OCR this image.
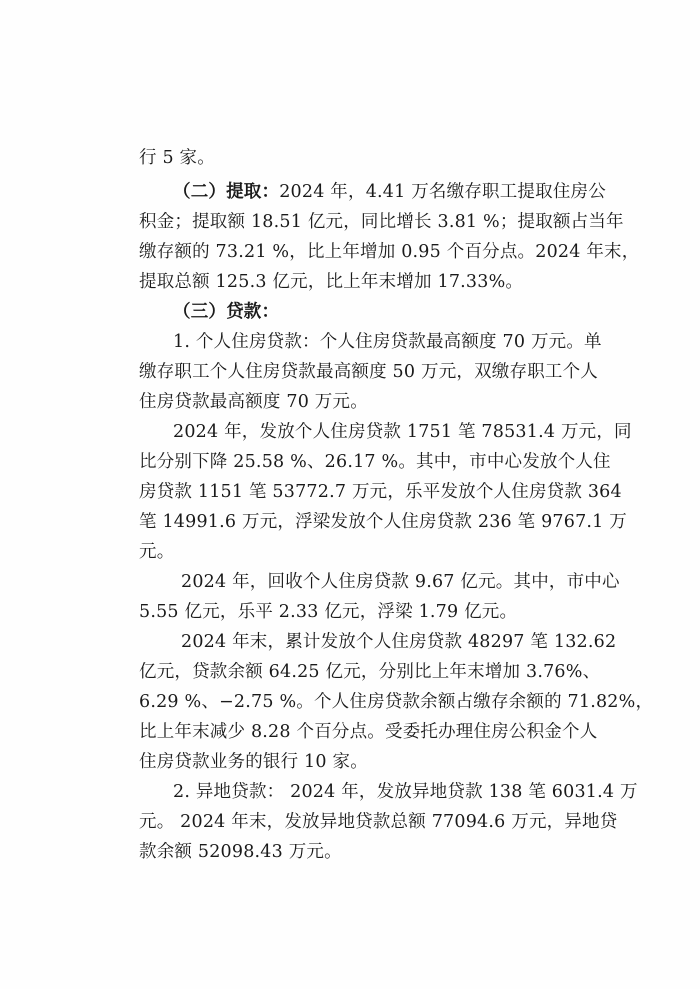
行 5 家。
（二）提取：2024 年，4.41 万名缴存职工提取住房公
积金；提取额 18.51 亿元，同比增长 3.81 %；提取额占当年
缴存额的 73.21 %，比上年增加 0.95 个百分点。2024 年末，
提取总额 125.3 亿元，比上年末增加 17.33%。
（三）贷款：
1. 个人住房贷款：个人住房贷款最高额度 70 万元。单
缴存职工个人住房贷款最高额度 50 万元，双缴存职工个人
住房贷款最高额度 70 万元。
2024 年，发放个人住房贷款 1751 笔 78531.4 万元，同
比分别下降 25.58 %、26.17 %。其中，市中心发放个人住
房贷款 1151 笔 53772.7 万元，乐平发放个人住房贷款 364
笔 14991.6 万元，浮梁发放个人住房贷款 236 笔 9767.1 万
元。
2024 年，回收个人住房贷款 9.67 亿元。其中，市中心
5.55 亿元，乐平 2.33 亿元，浮梁 1.79 亿元。
2024 年末，累计发放个人住房贷款 48297 笔 132.62
亿元，贷款余额 64.25 亿元，分别比上年末增加 3.76%、
6.29 %、−2.75 %。个人住房贷款余额占缴存余额的 71.82%，
比上年末减少 8.28 个百分点。受委托办理住房公积金个人
住房贷款业务的银行 10 家。
2. 异地贷款： 2024 年，发放异地贷款 138 笔 6031.4 万
元。 2024 年末，发放异地贷款总额 77094.6 万元，异地贷
款余额 52098.43 万元。
